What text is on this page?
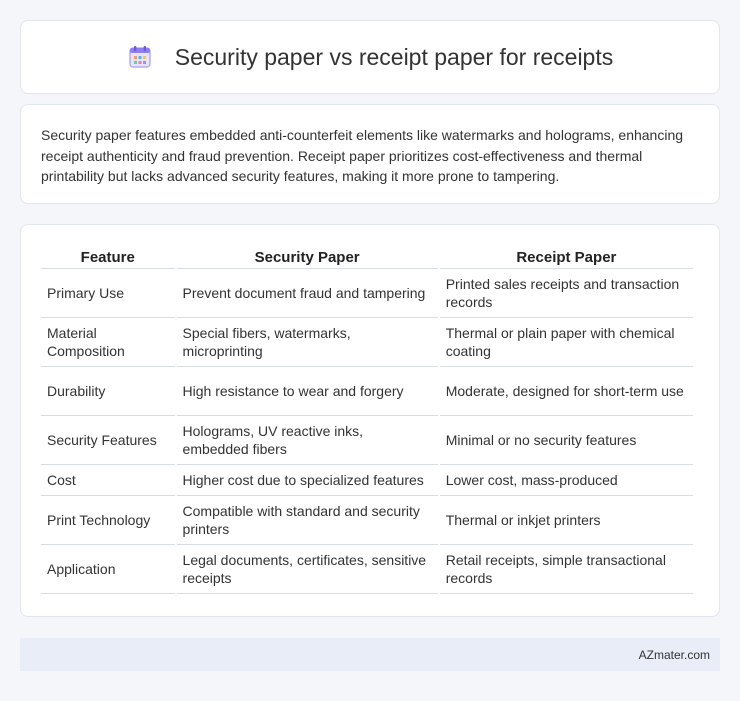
Security paper vs receipt paper for receipts

Security paper features embedded anti-counterfeit elements like watermarks and holograms, enhancing receipt authenticity and fraud prevention. Receipt paper prioritizes cost-effectiveness and thermal printability but lacks advanced security features, making it more prone to tampering.

Feature	Security Paper	Receipt Paper
Primary Use	Prevent document fraud and tampering	Printed sales receipts and transaction records
Material Composition	Special fibers, watermarks, microprinting	Thermal or plain paper with chemical coating
Durability	High resistance to wear and forgery	Moderate, designed for short-term use
Security Features	Holograms, UV reactive inks, embedded fibers	Minimal or no security features
Cost	Higher cost due to specialized features	Lower cost, mass-produced
Print Technology	Compatible with standard and security printers	Thermal or inkjet printers
Application	Legal documents, certificates, sensitive receipts	Retail receipts, simple transactional records
AZmater.com
